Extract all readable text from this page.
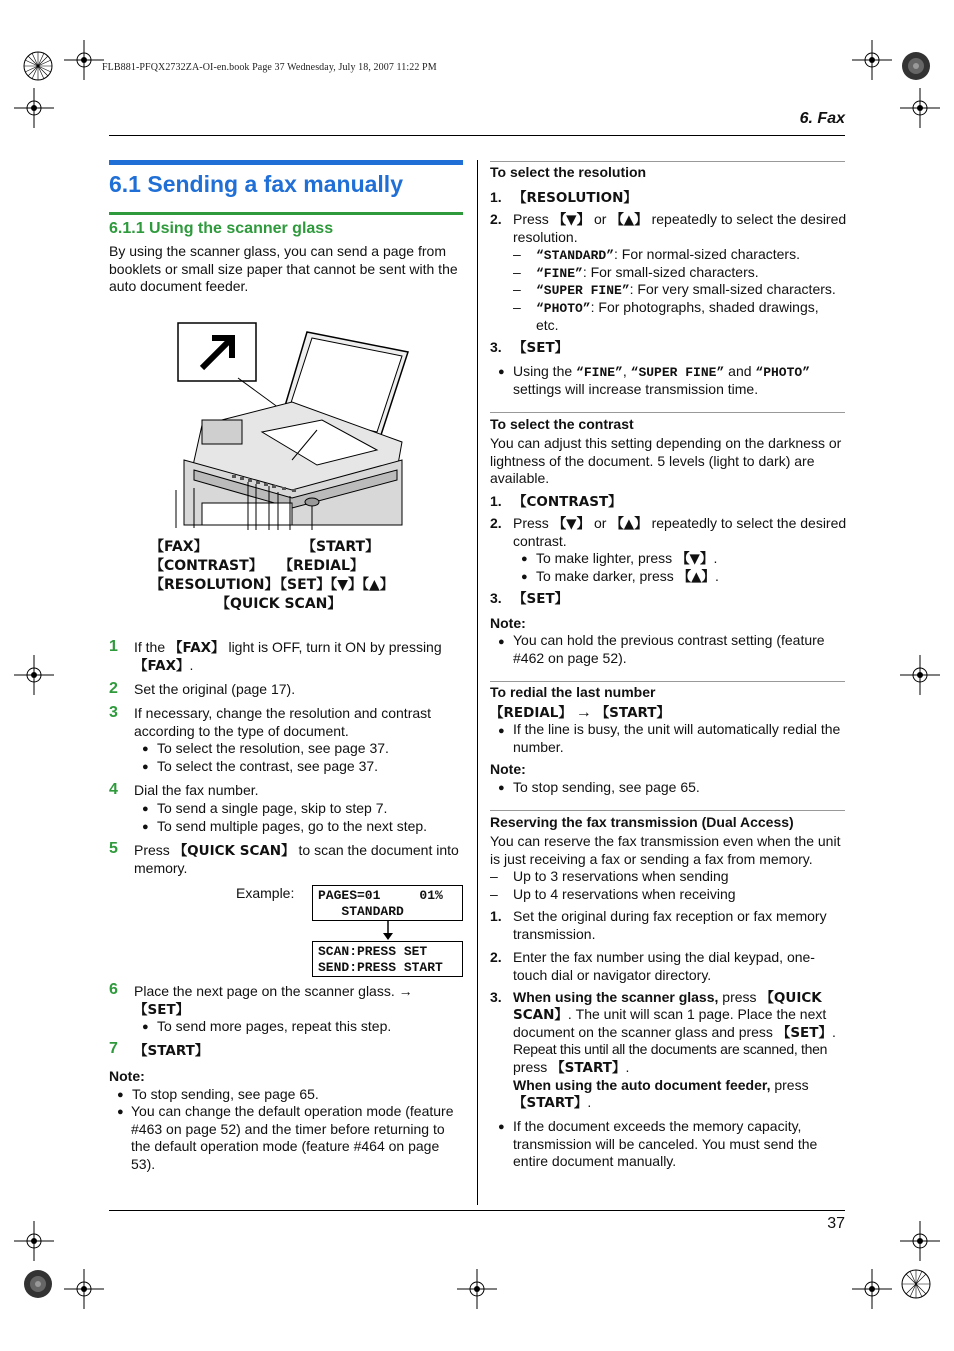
FLB881-PFQX2732ZA-OI-en.book Page 37 Wednesday, July 18, 2007 11:22 PM
6. Fax
6.1 Sending a fax manually
6.1.1 Using the scanner glass
By using the scanner glass, you can send a page from booklets or small size paper that cannot be sent with the auto document feeder.
【FAX】	【START】
【CONTRAST】 【REDIAL】
【RESOLUTION】
【SET】【▼】【▲】
【QUICK SCAN】
1 If the 【FAX】 light is OFF, turn it ON by pressing
【FAX】.
2 Set the original (page 17).
3 If necessary, change the resolution and contrast according to the type of document.
● To select the resolution, see page 37.
● To select the contrast, see page 37.
4 Dial the fax number.
● To send a single page, skip to step 7.
● To send multiple pages, go to the next step.
5 Press 【QUICK SCAN】 to scan the document into
memory.
Example: PAGES=01     01%
STANDARD
SCAN:PRESS SET
SEND:PRESS START
6 Place the next page on the scanner glass. →
【SET】
● To send more pages, repeat this step.
7 【START】
Note:
● To stop sending, see page 65.
● You can change the default operation mode (feature #463 on page 52) and the timer before returning to the default operation mode (feature #464 on page 53).
To select the resolution
1. 【RESOLUTION】
2. Press 【▼】 or 【▲】 repeatedly to select the desired
resolution.
– “STANDARD”: For normal-sized characters.
– “FINE”: For small-sized characters.
– “SUPER FINE”: For very small-sized characters.
– “PHOTO”: For photographs, shaded drawings,
etc.
3. 【SET】
● Using the “FINE”, “SUPER FINE” and “PHOTO”
settings will increase transmission time.
To select the contrast
You can adjust this setting depending on the darkness or lightness of the document. 5 levels (light to dark) are available.
1. 【CONTRAST】
2. Press 【▼】 or 【▲】 repeatedly to select the desired
contrast.
● To make lighter, press 【▼】.
● To make darker, press 【▲】.
3. 【SET】
Note:
● You can hold the previous contrast setting (feature #462 on page 52).
To redial the last number
【REDIAL】 → 【START】
● If the line is busy, the unit will automatically redial the number.
Note:
● To stop sending, see page 65.
Reserving the fax transmission (Dual Access)
You can reserve the fax transmission even when the unit is just receiving a fax or sending a fax from memory.
– Up to 3 reservations when sending
– Up to 4 reservations when receiving
1. Set the original during fax reception or fax memory transmission.
2. Enter the fax number using the dial keypad, one-touch dial or navigator directory.
3. When using the scanner glass, press 【QUICK
SCAN】. The unit will scan 1 page. Place the next
document on the scanner glass and press 【SET】.
Repeat this until all the documents are scanned, then
press 【START】.
When using the auto document feeder, press
【START】.
● If the document exceeds the memory capacity, transmission will be canceled. You must send the entire document manually.
37
